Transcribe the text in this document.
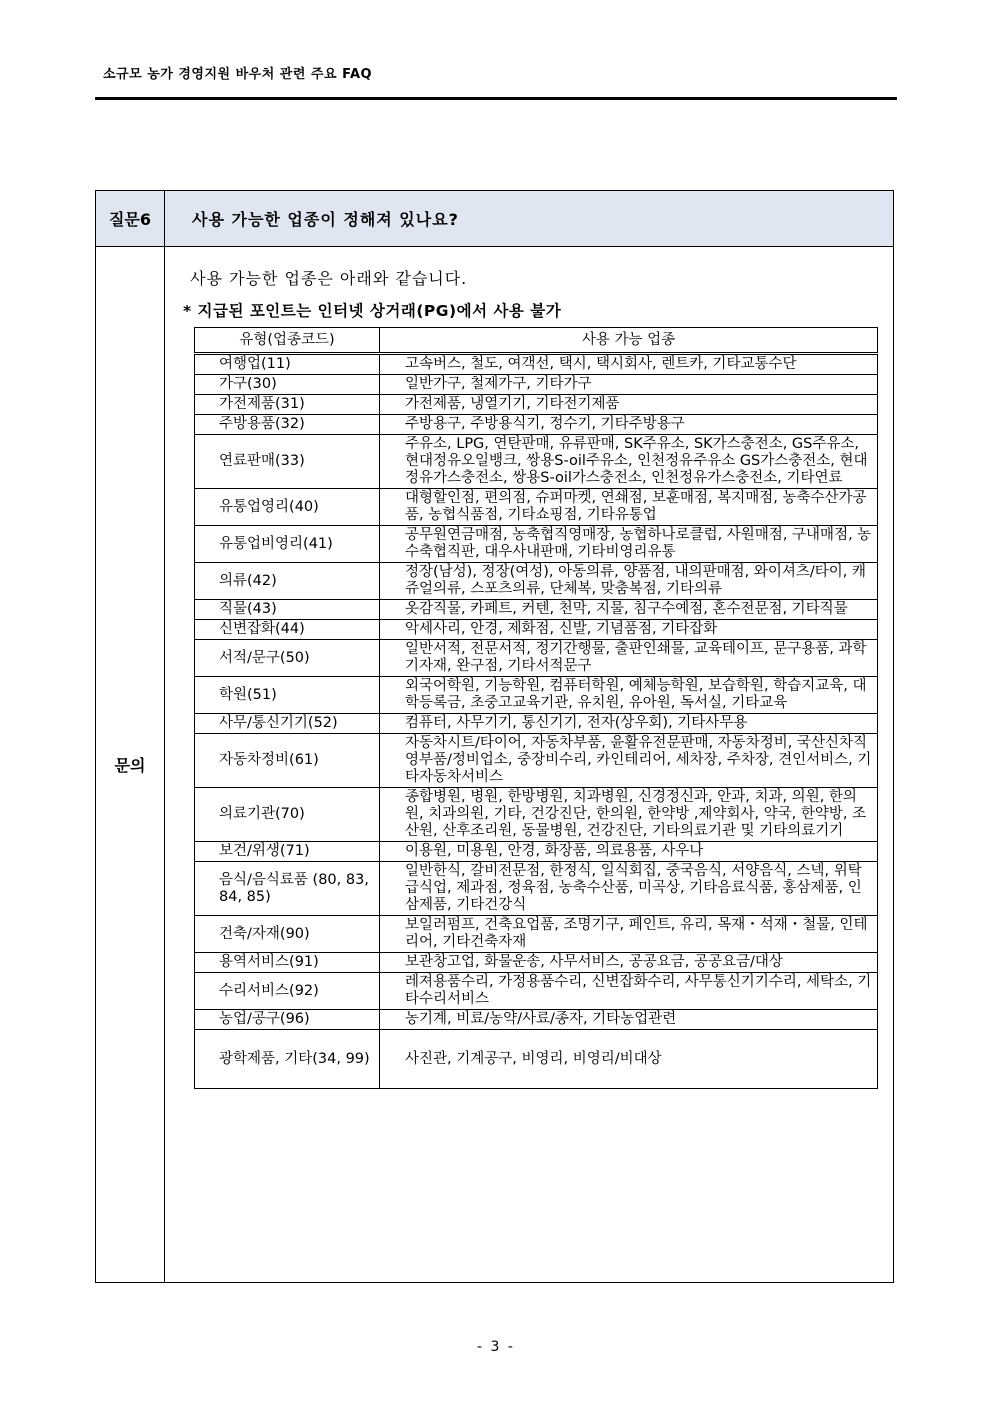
소규모 농가 경영지원 바우처 관련 주요 FAQ
질문6	사용 가능한 업종이 정해져 있나요?
문의
사용 가능한 업종은 아래와 같습니다.
* 지급된 포인트는 인터넷 상거래(PG)에서 사용 불가
유형(업종코드)	사용 가능 업종
여행업(11)	고속버스, 철도, 여객선, 택시, 택시회사, 렌트카, 기타교통수단
가구(30)	일반가구, 철제가구, 기타가구
가전제품(31)	가전제품, 냉열기기, 기타전기제품
주방용품(32)	주방용구, 주방용식기, 정수기, 기타주방용구
연료판매(33)	주유소, LPG, 연탄판매, 유류판매, SK주유소, SK가스충전소, GS주유소, 현대정유오일뱅크, 쌍용S-oil주유소, 인천정유주유소 GS가스충전소, 현대정유가스충전소, 쌍용S-oil가스충전소, 인천정유가스충전소, 기타연료
유통업영리(40)	대형할인점, 편의점, 슈퍼마켓, 연쇄점, 보훈매점, 복지매점, 농축수산가공품, 농협식품점, 기타쇼핑점, 기타유통업
유통업비영리(41)	공무원연금매점, 농축협직영매장, 농협하나로클럽, 사원매점, 구내매점, 농수축협직판, 대우사내판매, 기타비영리유통
의류(42)	정장(남성), 정장(여성), 아동의류, 양품점, 내의판매점, 와이셔츠/타이, 캐쥬얼의류, 스포츠의류, 단체복, 맞춤복점, 기타의류
직물(43)	옷감직물, 카페트, 커텐, 천막, 지물, 침구수예점, 혼수전문점, 기타직물
신변잡화(44)	악세사리, 안경, 제화점, 신발, 기념품점, 기타잡화
서적/문구(50)	일반서적, 전문서적, 정기간행물, 출판인쇄물, 교육테이프, 문구용품, 과학기자재, 완구점, 기타서적문구
학원(51)	외국어학원, 기능학원, 컴퓨터학원, 예체능학원, 보습학원, 학습지교육, 대학등록금, 초중고교육기관, 유치원, 유아원, 독서실, 기타교육
사무/통신기기(52)	컴퓨터, 사무기기, 통신기기, 전자(상우회), 기타사무용
자동차정비(61)	자동차시트/타이어, 자동차부품, 윤활유전문판매, 자동차정비, 국산신차직영부품/정비업소, 중장비수리, 카인테리어, 세차장, 주차장, 견인서비스, 기타자동차서비스
의료기관(70)	종합병원, 병원, 한방병원, 치과병원, 신경정신과, 안과, 치과, 의원, 한의원, 치과의원, 기타, 건강진단, 한의원, 한약방 ,제약회사, 약국, 한약방, 조산원, 산후조리원, 동물병원, 건강진단, 기타의료기관 및 기타의료기기
보건/위생(71)	이용원, 미용원, 안경, 화장품, 의료용품, 사우나
음식/음식료품 (80, 83, 84, 85)	일반한식, 갈비전문점, 한정식, 일식회집, 중국음식, 서양음식, 스넥, 위탁급식업, 제과점, 정육점, 농축수산품, 미곡상, 기타음료식품, 홍삼제품, 인삼제품, 기타건강식
건축/자재(90)	보일러펌프, 건축요업품, 조명기구, 페인트, 유리, 목재・석재・철물, 인테리어, 기타건축자재
용역서비스(91)	보관창고업, 화물운송, 사무서비스, 공공요금, 공공요금/대상
수리서비스(92)	레져용품수리, 가정용품수리, 신변잡화수리, 사무통신기기수리, 세탁소, 기타수리서비스
농업/공구(96)	농기계, 비료/농약/사료/종자, 기타농업관련
광학제품, 기타(34, 99)	사진관, 기계공구, 비영리, 비영리/비대상
- 3 -
